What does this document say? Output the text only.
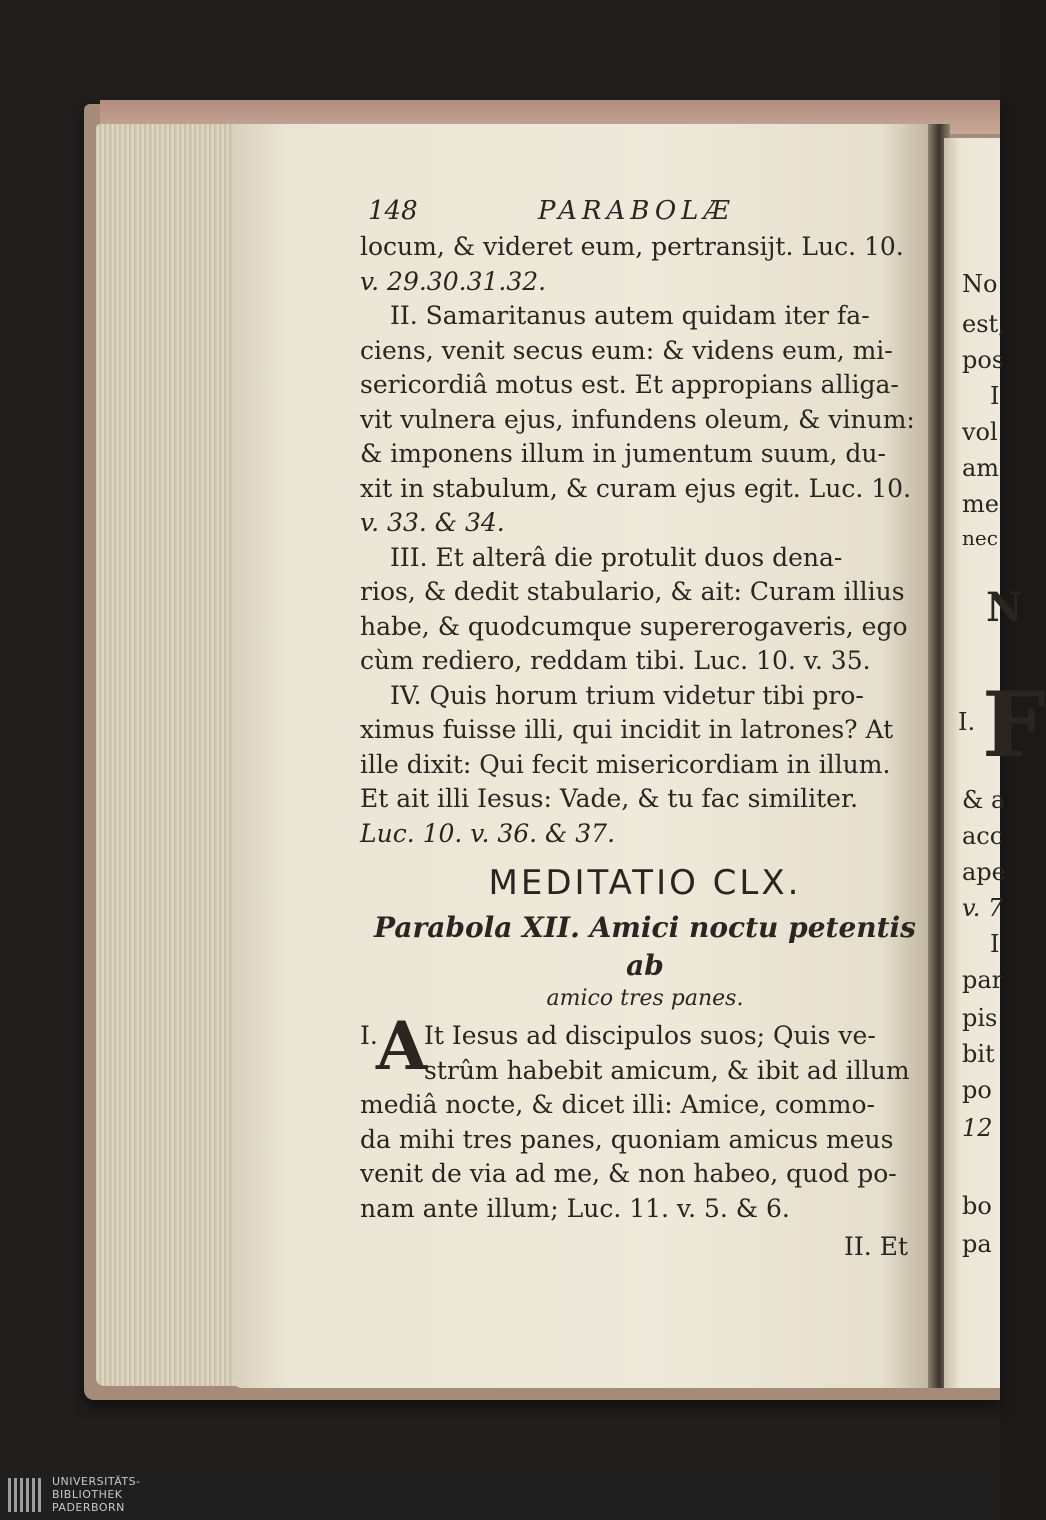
148	PARABOLÆ
locum, & videret eum, pertransijt. Luc. 10.
v. 29.30.31.32.
II. Samaritanus autem quidam iter fa-
ciens, venit secus eum: & videns eum, mi-
sericordiâ motus est. Et appropians alliga-
vit vulnera ejus, infundens oleum, & vinum:
& imponens illum in jumentum suum, du-
xit in stabulum, & curam ejus egit. Luc. 10.
v. 33. & 34.
III. Et alterâ die protulit duos dena-
rios, & dedit stabulario, & ait: Curam illius
habe, & quodcumque supererogaveris, ego
cùm rediero, reddam tibi. Luc. 10. v. 35.
IV. Quis horum trium videtur tibi pro-
ximus fuisse illi, qui incidit in latrones? At
ille dixit: Qui fecit misericordiam in illum.
Et ait illi Iesus: Vade, & tu fac similiter.
Luc. 10. v. 36. & 37.
MEDITATIO CLX.
Parabola XII. Amici noctu petentis ab
amico tres panes.
I.
A
It Iesus ad discipulos suos; Quis ve-
strûm habebit amicum, & ibit ad illum
mediâ nocte, & dicet illi: Amice, commo-
da mihi tres panes, quoniam amicus meus
venit de via ad me, & non habeo, quod po-
nam ante illum; Luc. 11. v. 5. & 6.
II. Et
No
est,
pos
I
vol
am
me
nec
N
I. F
& a
acc
ape
v. 7
I
par
pis
bit
po
12
bo
pa
UNIVERSITÄTS-
BIBLIOTHEK
PADERBORN
